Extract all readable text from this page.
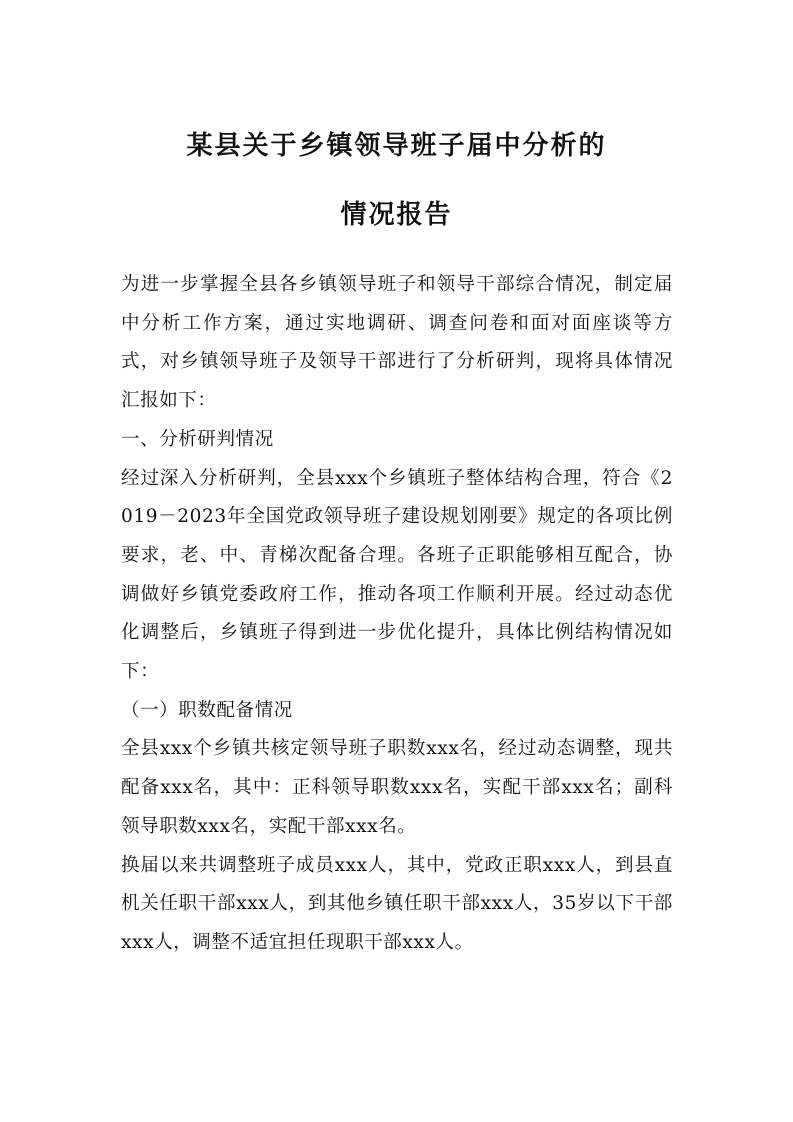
某县关于乡镇领导班子届中分析的
情况报告

为进一步掌握全县各乡镇领导班子和领导干部综合情况，制定届中分析工作方案，通过实地调研、调查问卷和面对面座谈等方式，对乡镇领导班子及领导干部进行了分析研判，现将具体情况汇报如下：

一、分析研判情况

经过深入分析研判，全县xxx个乡镇班子整体结构合理，符合《2019－2023年全国党政领导班子建设规划刚要》规定的各项比例要求，老、中、青梯次配备合理。各班子正职能够相互配合，协调做好乡镇党委政府工作，推动各项工作顺利开展。经过动态优化调整后，乡镇班子得到进一步优化提升，具体比例结构情况如下：

（一）职数配备情况

全县xxx个乡镇共核定领导班子职数xxx名，经过动态调整，现共配备xxx名，其中：正科领导职数xxx名，实配干部xxx名；副科领导职数xxx名，实配干部xxx名。

换届以来共调整班子成员xxx人，其中，党政正职xxx人，到县直机关任职干部xxx人，到其他乡镇任职干部xxx人，35岁以下干部xxx人，调整不适宜担任现职干部xxx人。
